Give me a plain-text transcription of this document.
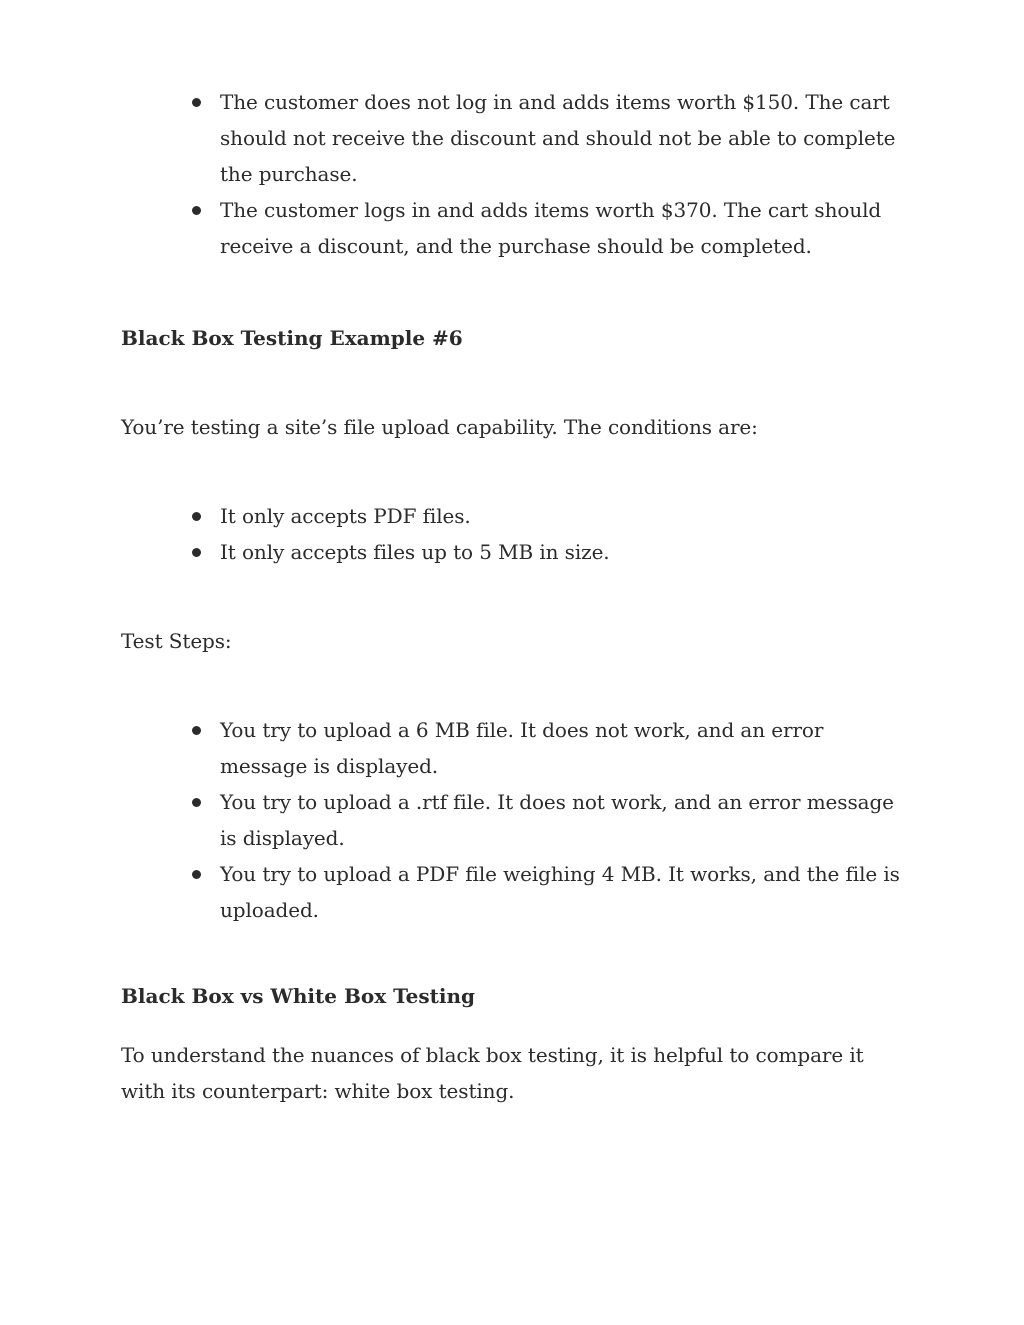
The customer does not log in and adds items worth $150. The cart should not receive the discount and should not be able to complete the purchase.
The customer logs in and adds items worth $370. The cart should receive a discount, and the purchase should be completed.

Black Box Testing Example #6

You’re testing a site’s file upload capability. The conditions are:

It only accepts PDF files.
It only accepts files up to 5 MB in size.

Test Steps:

You try to upload a 6 MB file. It does not work, and an error message is displayed.
You try to upload a .rtf file. It does not work, and an error message is displayed.
You try to upload a PDF file weighing 4 MB. It works, and the file is uploaded.

Black Box vs White Box Testing

To understand the nuances of black box testing, it is helpful to compare it with its counterpart: white box testing.
